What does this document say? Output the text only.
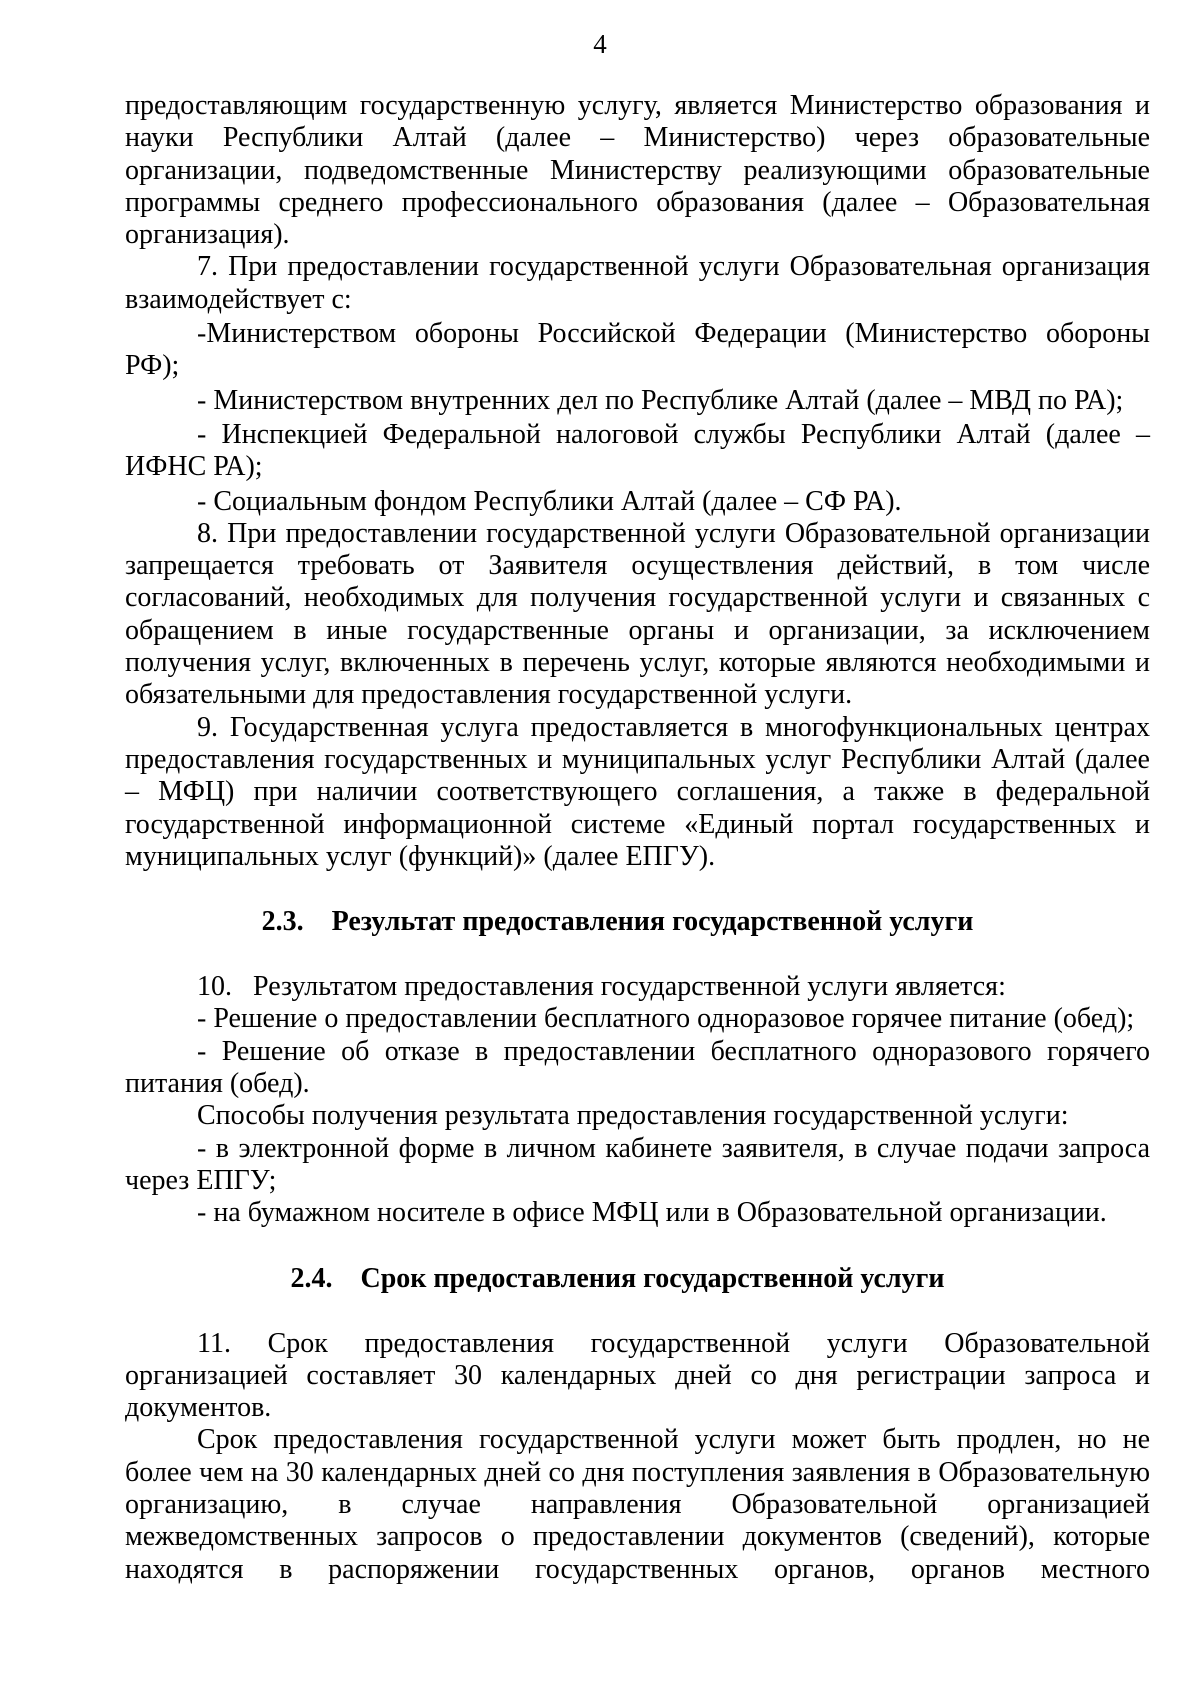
4

предоставляющим государственную услугу, является Министерство образования и науки Республики Алтай (далее – Министерство) через образовательные организации, подведомственные Министерству реализующими образовательные программы среднего профессионального образования (далее – Образовательная организация).

7. При предоставлении государственной услуги Образовательная организация взаимодействует с:

-Министерством обороны Российской Федерации (Министерство обороны РФ);

- Министерством внутренних дел по Республике Алтай (далее – МВД по РА);

- Инспекцией Федеральной налоговой службы Республики Алтай (далее – ИФНС РА);

- Социальным фондом Республики Алтай (далее – СФ РА).

8. При предоставлении государственной услуги Образовательной организации запрещается требовать от Заявителя осуществления действий, в том числе согласований, необходимых для получения государственной услуги и связанных с обращением в иные государственные органы и организации, за исключением получения услуг, включенных в перечень услуг, которые являются необходимыми и обязательными для предоставления государственной услуги.

9. Государственная услуга предоставляется в многофункциональных центрах предоставления государственных и муниципальных услуг Республики Алтай (далее – МФЦ) при наличии соответствующего соглашения, а также в федеральной государственной информационной системе «Единый портал государственных и муниципальных услуг (функций)» (далее ЕПГУ).

2.3. Результат предоставления государственной услуги

10.   Результатом предоставления государственной услуги является:

- Решение о предоставлении бесплатного одноразовое горячее питание (обед);

- Решение об отказе в предоставлении бесплатного одноразового горячего питания (обед).

Способы получения результата предоставления государственной услуги:

- в электронной форме в личном кабинете заявителя, в случае подачи запроса через ЕПГУ;

- на бумажном носителе в офисе МФЦ или в Образовательной организации.

2.4. Срок предоставления государственной услуги

11. Срок предоставления государственной услуги Образовательной организацией составляет 30 календарных дней со дня регистрации запроса и документов.

Срок предоставления государственной услуги может быть продлен, но не более чем на 30 календарных дней со дня поступления заявления в Образовательную организацию, в случае направления Образовательной организацией межведомственных запросов о предоставлении документов (сведений), которые находятся в распоряжении государственных органов, органов местного
